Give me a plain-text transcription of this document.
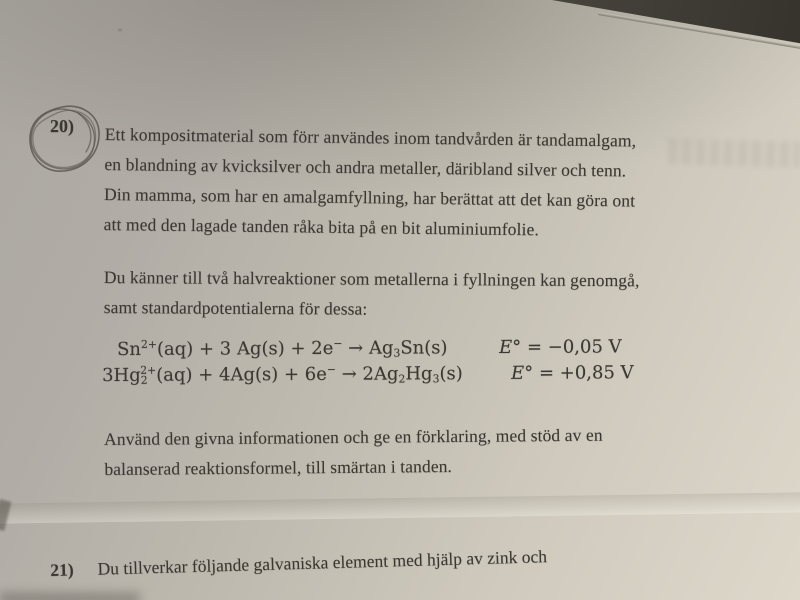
20) Ett kompositmaterial som förr användes inom tandvården är tandamalgam,
en blandning av kvicksilver och andra metaller, däribland silver och tenn.
Din mamma, som har en amalgamfyllning, har berättat att det kan göra ont
att med den lagade tanden råka bita på en bit aluminiumfolie.
Du känner till två halvreaktioner som metallerna i fyllningen kan genomgå,
samt standardpotentialerna för dessa:
$Sn^{2+}(aq) + 3$ $Ag(s) + 2e^- \to Ag_3Sn(s)$	E° = −0,05 V
$3Hg_2^{2+}(aq) + 4Ag(s) + 6e^- \to 2Ag_2Hg_3(s)$	E° = +0,85 V
Använd den givna informationen och ge en förklaring, med stöd av en
balanserad reaktionsformel, till smärtan i tanden.
21) Du tillverkar följande galvaniska element med hjälp av zink och
